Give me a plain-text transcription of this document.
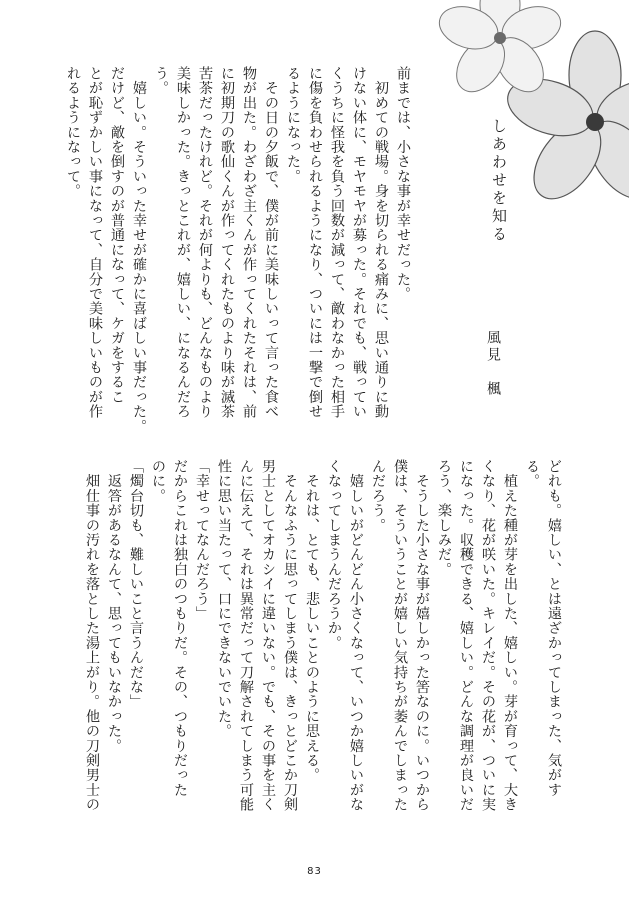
しあわせを知る
風見　楓
前までは、小さな事が幸せだった。
　初めての戦場。身を切られる痛みに、思い通りに動
けない体に、モヤモヤが募った。それでも、戦ってい
くうちに怪我を負う回数が減って、敵わなかった相手
に傷を負わせられるようになり、ついには一撃で倒せ
るようになった。
　その日の夕飯で、僕が前に美味しいって言った食べ
物が出た。わざわざ主くんが作ってくれたそれは、前
に初期刀の歌仙くんが作ってくれたものより味が滅茶
苦茶だったけれど。それが何よりも、どんなものより
美味しかった。きっとこれが、嬉しい、になるんだろ
う。
　嬉しい。そういった幸せが確かに喜ばしい事だった。
だけど、敵を倒すのが普通になって、ケガをするこ
とが恥ずかしい事になって、自分で美味しいものが作
れるようになって。
どれも。嬉しい、とは遠ざかってしまった、気がす
る。
　植えた種が芽を出した、嬉しい。芽が育って、大き
くなり、花が咲いた。キレイだ。その花が、ついに実
になった。収穫できる、嬉しい。どんな調理が良いだ
ろう、楽しみだ。
　そうした小さな事が嬉しかった筈なのに。いつから
僕は、そういうことが嬉しい気持ちが萎んでしまった
んだろう。
　嬉しいがどんどん小さくなって、いつか嬉しいがな
くなってしまうんだろうか。
　それは、とても、悲しいことのように思える。
　そんなふうに思ってしまう僕は、きっとどこか刀剣
男士としてオカシイに違いない。でも、その事を主く
んに伝えて、それは異常だって刀解されてしまう可能
性に思い当たって、口にできないでいた。
「幸せってなんだろう」
だからこれは独白のつもりだ。その、つもりだった
のに。
「燭台切も、難しいこと言うんだな」
　返答があるなんて、思ってもいなかった。
　畑仕事の汚れを落とした湯上がり。他の刀剣男士の
83
